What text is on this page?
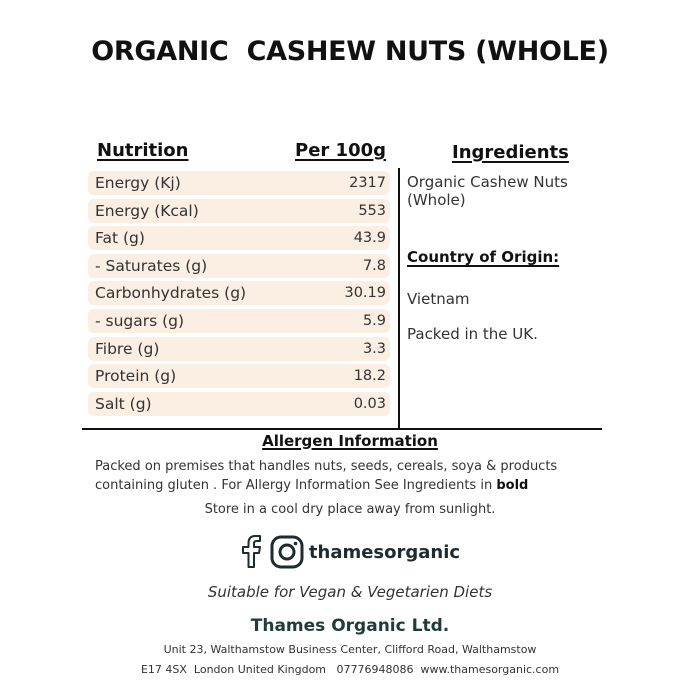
ORGANIC  CASHEW NUTS (WHOLE)
Nutrition	Per 100g	Ingredients
Energy (Kj)	2317
Energy (Kcal)	553
Fat (g)	43.9
- Saturates (g)	7.8
Carbonhydrates (g)	30.19
- sugars (g)	5.9
Fibre (g)	3.3
Protein (g)	18.2
Salt (g)	0.03
Organic Cashew Nuts
(Whole)
Country of Origin:
Vietnam
Packed in the UK.
Allergen Information
Packed on premises that handles nuts, seeds, cereals, soya & products containing gluten . For Allergy Information See Ingredients in bold
Store in a cool dry place away from sunlight.
thamesorganic
Suitable for Vegan & Vegetarien Diets
Thames Organic Ltd.
Unit 23, Walthamstow Business Center, Clifford Road, Walthamstow
E17 4SX  London United Kingdom   07776948086  www.thamesorganic.com
